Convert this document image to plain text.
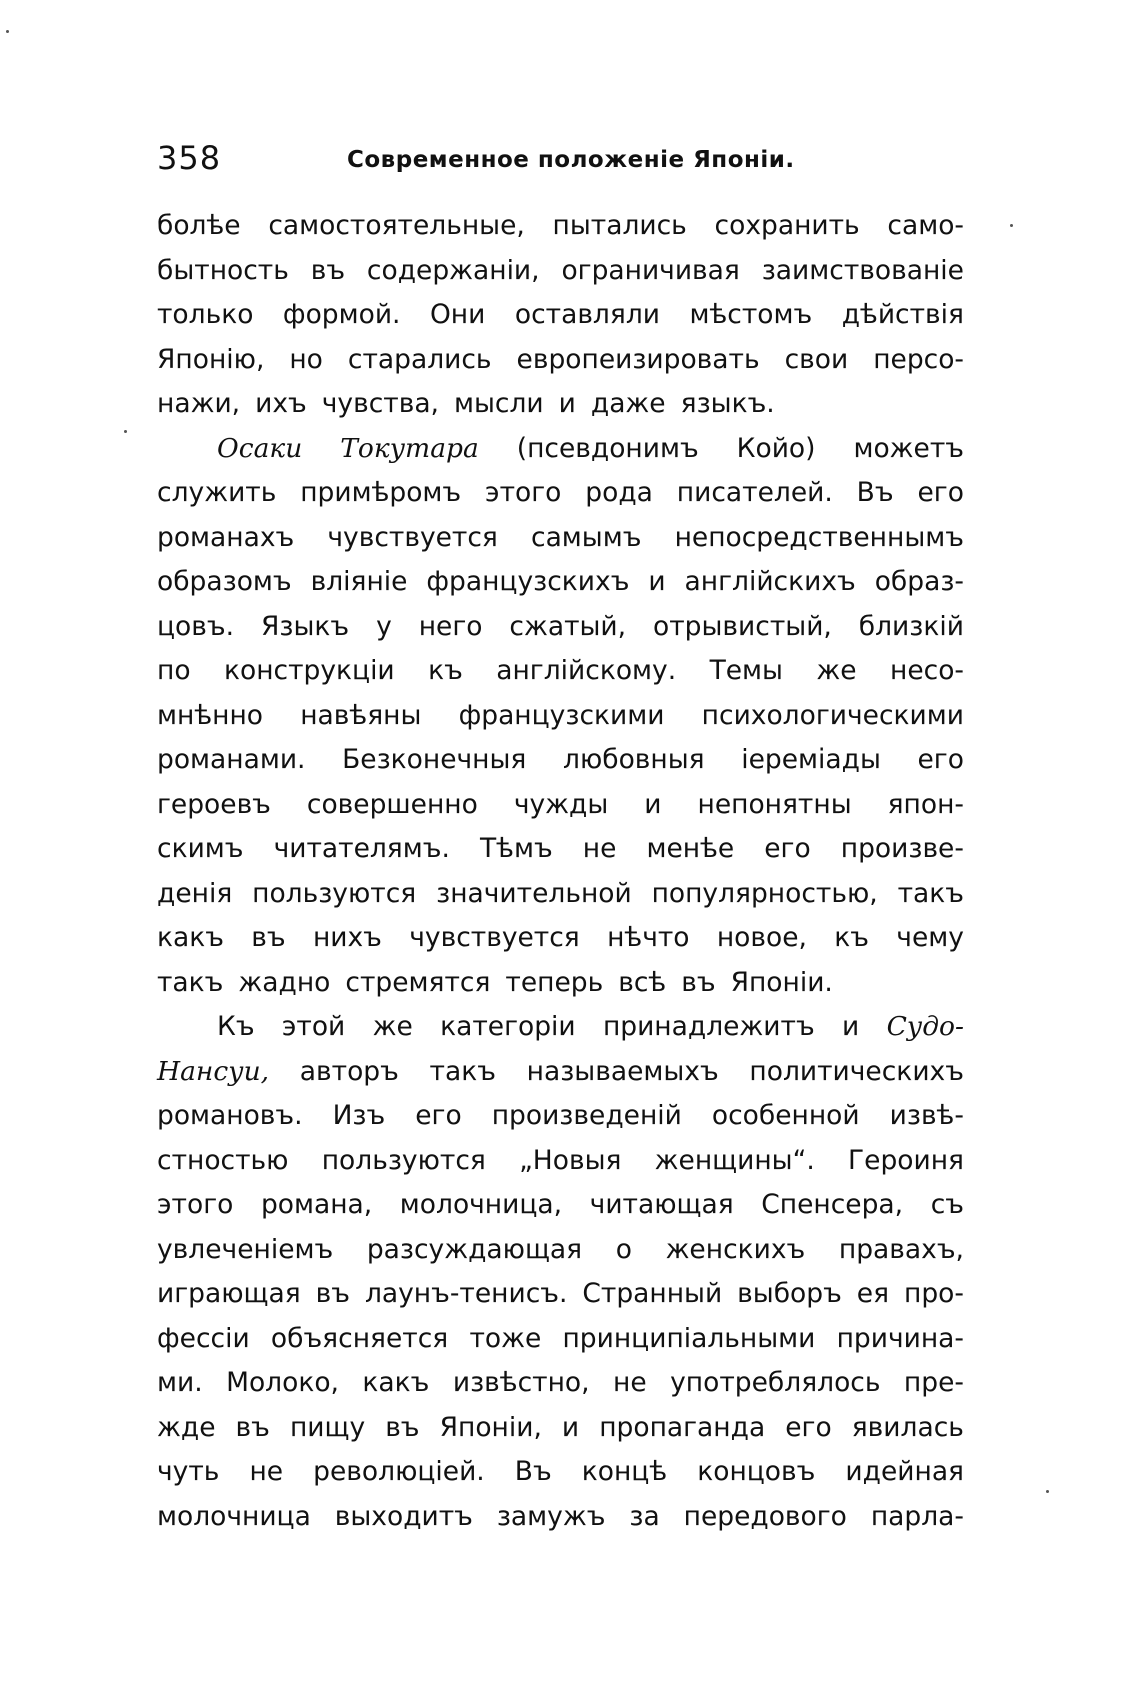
358	Современное положеніе Японіи.
болѣе самостоятельные, пытались сохранить само-
бытность въ содержаніи, ограничивая заимствованіе
только формой. Они оставляли мѣстомъ дѣйствія
Японію, но старались европеизировать свои персо-
нажи, ихъ чувства, мысли и даже языкъ.
Осаки Токутара (псевдонимъ Койо) можетъ
служить примѣромъ этого рода писателей. Въ его
романахъ чувствуется самымъ непосредственнымъ
образомъ вліяніе французскихъ и англійскихъ образ-
цовъ. Языкъ у него сжатый, отрывистый, близкій
по конструкціи къ англійскому. Темы же несо-
мнѣнно навѣяны французскими психологическими
романами. Безконечныя любовныя іеремiады его
героевъ совершенно чужды и непонятны япон-
скимъ читателямъ. Тѣмъ не менѣе его произве-
денія пользуются значительной популярностью, такъ
какъ въ нихъ чувствуется нѣчто новое, къ чему
такъ жадно стремятся теперь всѣ въ Японіи.
Къ этой же категоріи принадлежитъ и Судо-
Нансуи, авторъ такъ называемыхъ политическихъ
романовъ. Изъ его произведеній особенной извѣ-
стностью пользуются „Новыя женщины“. Героиня
этого романа, молочница, читающая Спенсера, съ
увлеченіемъ разсуждающая о женскихъ правахъ,
играющая въ лаунъ-тенисъ. Странный выборъ ея про-
фессіи объясняется тоже принципіальными причина-
ми. Молоко, какъ извѣстно, не употреблялось пре-
жде въ пищу въ Японіи, и пропаганда его явилась
чуть не революціей. Въ концѣ концовъ идейная
молочница выходитъ замужъ за передового парла-
